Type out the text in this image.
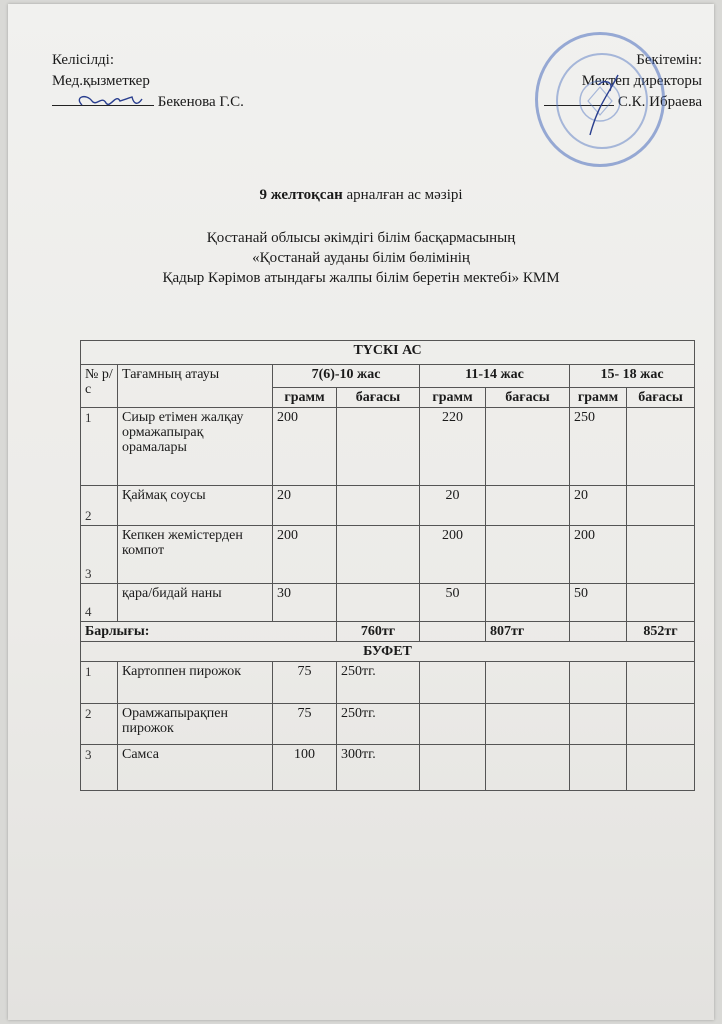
Келісілді:
Мед.қызметкер
Бекенова Г.С.
Бекітемін:
Мектеп директоры
С.К. Ибраева
9 желтоқсан арналған ас мәзірі
Қостанай облысы әкімдігі білім басқармасының
«Қостанай ауданы білім бөлімінің
Қадыр Кәрімов атындағы жалпы білім беретін мектебі» КММ
ТҮСКІ АС							
№ р/с	Тағамның атауы	7(6)-10 жас		11-14 жас		15- 18 жас	
		грамм	бағасы	грамм	бағасы	грамм	бағасы
1	Сиыр етімен жалқау ормажапырақ орамалары	200		220		250	
2	Қаймақ соусы	20		20		20	
3	Кепкен жемістерден компот	200		200		200	
4	қара/бидай наны	30		50		50	
Барлығы:			760тг		807тг		852тг
БУФЕТ							
1	Картоппен пирожок	75	250тг.				
2	Орамжапырақпен пирожок	75	250тг.				
3	Самса	100	300тг.				
